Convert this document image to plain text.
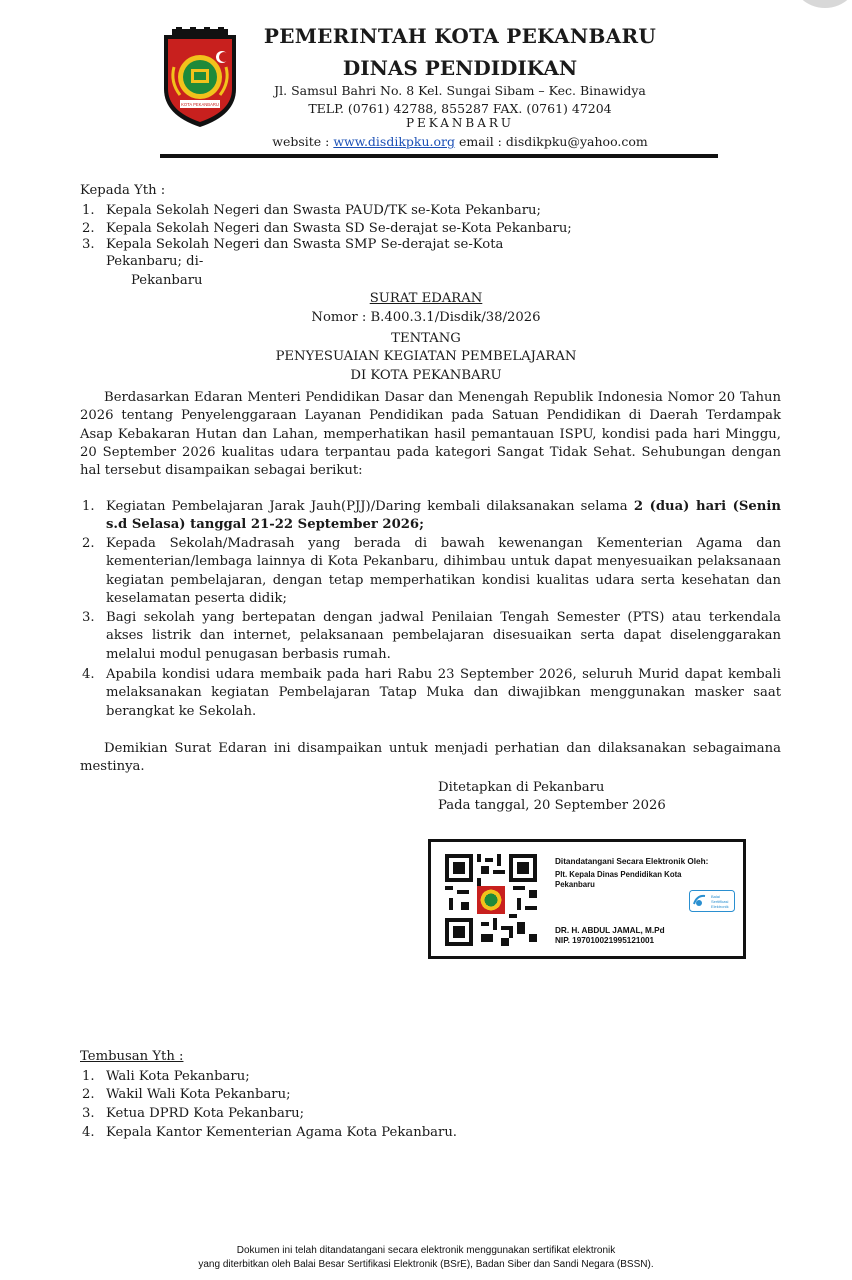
KOTA PEKANBARU
PEMERINTAH KOTA PEKANBARU
DINAS PENDIDIKAN
Jl. Samsul Bahri No. 8 Kel. Sungai Sibam – Kec. Binawidya
TELP. (0761) 42788, 855287 FAX. (0761) 47204
PEKANBARU
website : www.disdikpku.org email : disdikpku@yahoo.com
Kepada Yth :
1. Kepala Sekolah Negeri dan Swasta PAUD/TK se-Kota Pekanbaru;
2. Kepala Sekolah Negeri dan Swasta SD Se-derajat se-Kota Pekanbaru;
3. Kepala Sekolah Negeri dan Swasta SMP Se-derajat se-Kota
Pekanbaru; di-
Pekanbaru
SURAT EDARAN
Nomor : B.400.3.1/Disdik/38/2026
TENTANG
PENYESUAIAN KEGIATAN PEMBELAJARAN
DI KOTA PEKANBARU
Berdasarkan Edaran Menteri Pendidikan Dasar dan Menengah Republik Indonesia Nomor 20 Tahun 2026 tentang Penyelenggaraan Layanan Pendidikan pada Satuan Pendidikan di Daerah Terdampak Asap Kebakaran Hutan dan Lahan, memperhatikan hasil pemantauan ISPU, kondisi pada hari Minggu, 20 September 2026 kualitas udara terpantau pada kategori Sangat Tidak Sehat. Sehubungan dengan hal tersebut disampaikan sebagai berikut:
1. Kegiatan Pembelajaran Jarak Jauh(PJJ)/Daring kembali dilaksanakan selama 2 (dua) hari (Senin s.d Selasa) tanggal 21-22 September 2026;
2. Kepada Sekolah/Madrasah yang berada di bawah kewenangan Kementerian Agama dan kementerian/lembaga lainnya di Kota Pekanbaru, dihimbau untuk dapat menyesuaikan pelaksanaan kegiatan pembelajaran, dengan tetap memperhatikan kondisi kualitas udara serta kesehatan dan keselamatan peserta didik;
3. Bagi sekolah yang bertepatan dengan jadwal Penilaian Tengah Semester (PTS) atau terkendala akses listrik dan internet, pelaksanaan pembelajaran disesuaikan serta dapat diselenggarakan melalui modul penugasan berbasis rumah.
4. Apabila kondisi udara membaik pada hari Rabu 23 September 2026, seluruh Murid dapat kembali melaksanakan kegiatan Pembelajaran Tatap Muka dan diwajibkan menggunakan masker saat berangkat ke Sekolah.
Demikian Surat Edaran ini disampaikan untuk menjadi perhatian dan dilaksanakan sebagaimana mestinya.
Ditetapkan di Pekanbaru
Pada tanggal, 20 September 2026
Ditandatangani Secara Elektronik Oleh:
Plt. Kepala Dinas Pendidikan Kota
Pekanbaru
Balai
Sertifikasi
Elektronik
DR. H. ABDUL JAMAL, M.Pd
NIP. 197010021995121001
Tembusan Yth :
1. Wali Kota Pekanbaru;
2. Wakil Wali Kota Pekanbaru;
3. Ketua DPRD Kota Pekanbaru;
4. Kepala Kantor Kementerian Agama Kota Pekanbaru.
Dokumen ini telah ditandatangani secara elektronik menggunakan sertifikat elektronik
yang diterbitkan oleh Balai Besar Sertifikasi Elektronik (BSrE), Badan Siber dan Sandi Negara (BSSN).
